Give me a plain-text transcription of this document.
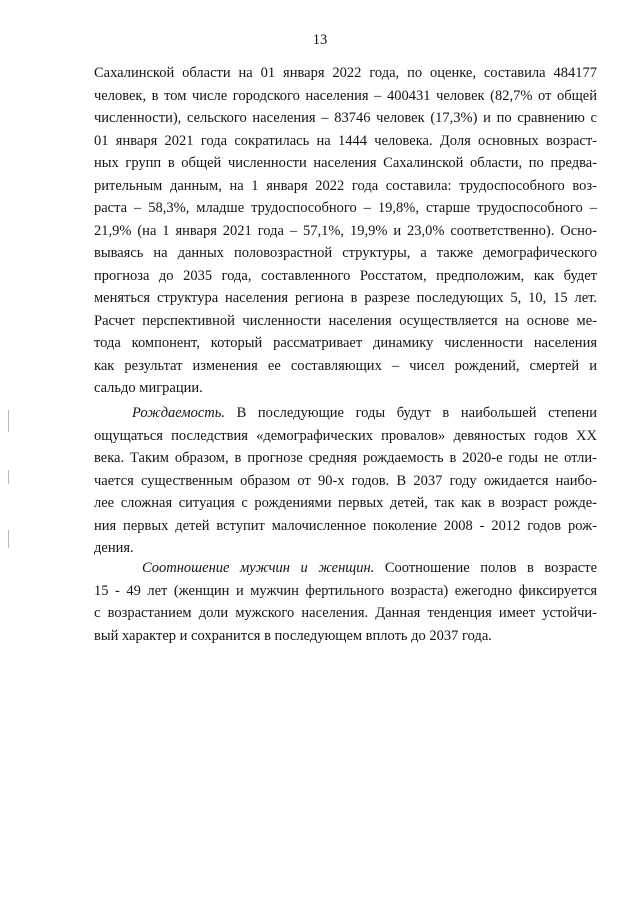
13
Сахалинской области на 01 января 2022 года, по оценке, составила 484177
человек, в том числе городского населения – 400431 человек (82,7% от общей
численности), сельского населения – 83746 человек (17,3%) и по сравнению с
01 января 2021 года сократилась на 1444 человека. Доля основных возраст-
ных групп в общей численности населения Сахалинской области, по предва-
рительным данным, на 1 января 2022 года составила: трудоспособного воз-
раста – 58,3%, младше трудоспособного – 19,8%, старше трудоспособного –
21,9% (на 1 января 2021 года – 57,1%, 19,9% и 23,0% соответственно). Осно-
вываясь на данных половозрастной структуры, а также демографического
прогноза до 2035 года, составленного Росстатом, предположим, как будет
меняться структура населения региона в разрезе последующих 5, 10, 15 лет.
Расчет перспективной численности населения осуществляется на основе ме-
тода компонент, который рассматривает динамику численности населения
как результат изменения ее составляющих – чисел рождений, смертей и
сальдо миграции.
Рождаемость. В последующие годы будут в наибольшей степени
ощущаться последствия «демографических провалов» девяностых годов XX
века. Таким образом, в прогнозе средняя рождаемость в 2020-е годы не отли-
чается существенным образом от 90-х годов. В 2037 году ожидается наибо-
лее сложная ситуация с рождениями первых детей, так как в возраст рожде-
ния первых детей вступит малочисленное поколение 2008 - 2012 годов рож-
дения.
Соотношение мужчин и женщин. Соотношение полов в возрасте
15 - 49 лет (женщин и мужчин фертильного возраста) ежегодно фиксируется
с возрастанием доли мужского населения. Данная тенденция имеет устойчи-
вый характер и сохранится в последующем вплоть до 2037 года.
